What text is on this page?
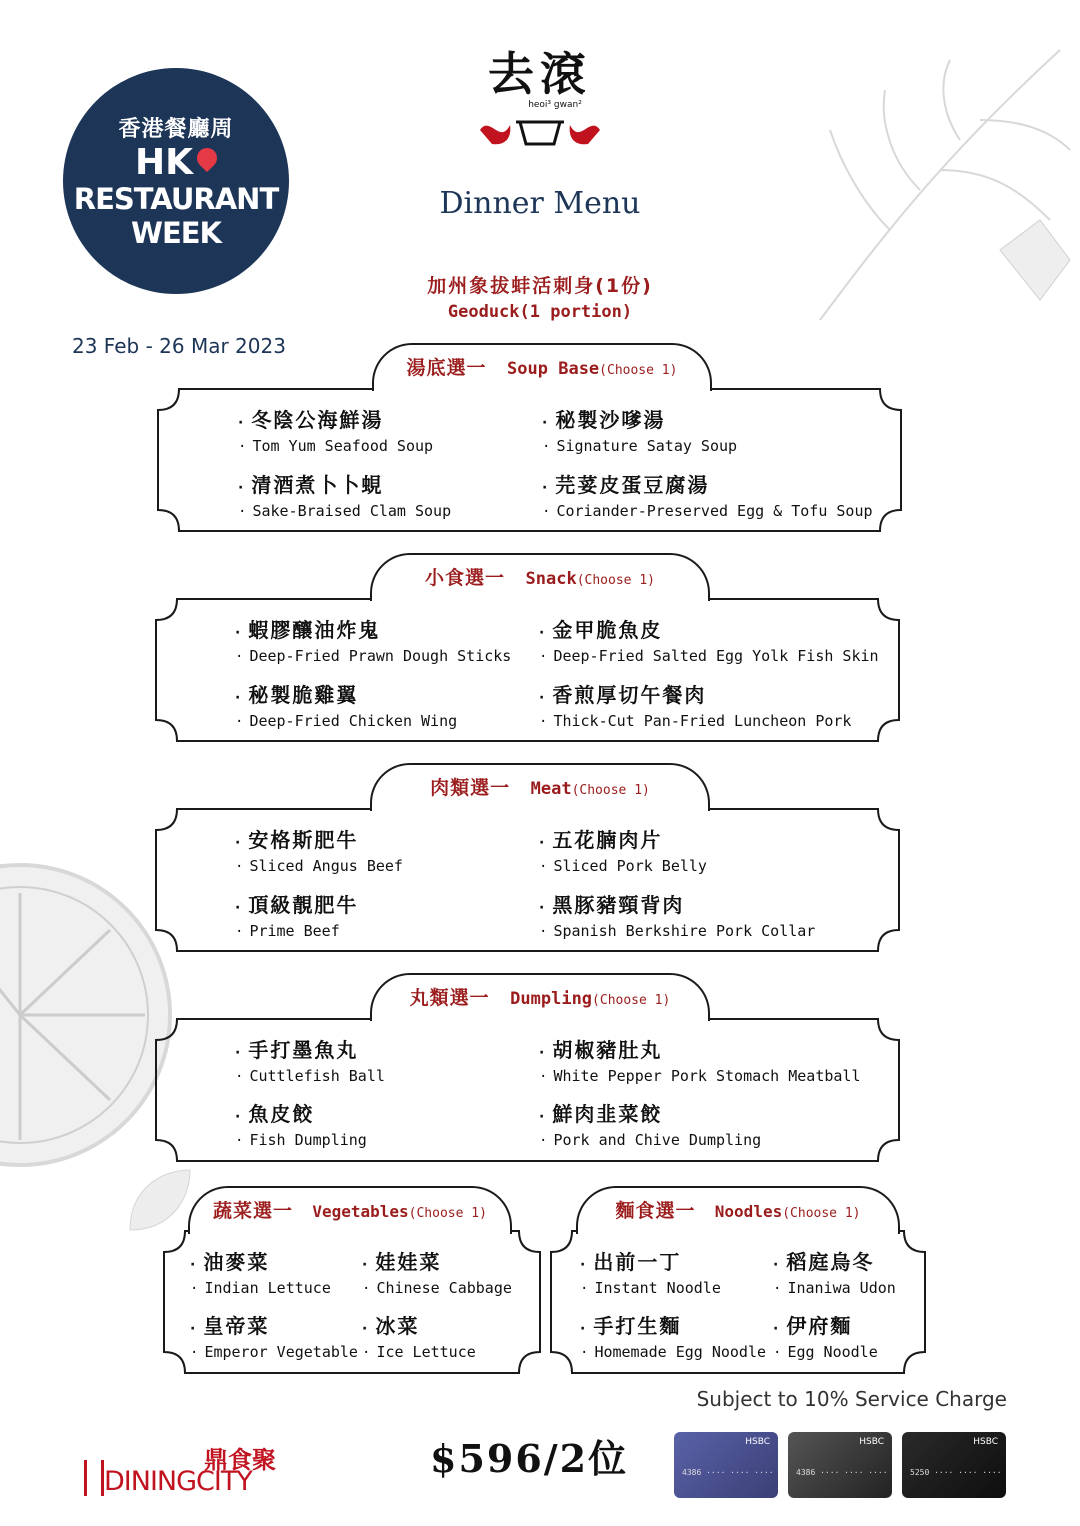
香港餐廳周
HK
RESTAURANT
WEEK
23 Feb - 26 Mar 2023
去滾
heoi³ gwan²
Dinner Menu
加州象拔蚌活刺身(1份)
Geoduck(1 portion)
湯底選一 Soup Base(Choose 1)
· 冬陰公海鮮湯
· Tom Yum Seafood Soup
· 秘製沙嗲湯
· Signature Satay Soup
· 清酒煮卜卜蜆
· Sake-Braised Clam Soup
· 芫荽皮蛋豆腐湯
· Coriander-Preserved Egg & Tofu Soup
小食選一 Snack(Choose 1)
· 蝦膠釀油炸鬼
· Deep-Fried Prawn Dough Sticks
· 金甲脆魚皮
· Deep-Fried Salted Egg Yolk Fish Skin
· 秘製脆雞翼
· Deep-Fried Chicken Wing
· 香煎厚切午餐肉
· Thick-Cut Pan-Fried Luncheon Pork
肉類選一 Meat(Choose 1)
· 安格斯肥牛
· Sliced Angus Beef
· 五花腩肉片
· Sliced Pork Belly
· 頂級靚肥牛
· Prime Beef
· 黑豚豬頸背肉
· Spanish Berkshire Pork Collar
丸類選一 Dumpling(Choose 1)
· 手打墨魚丸
· Cuttlefish Ball
· 胡椒豬肚丸
· White Pepper Pork Stomach Meatball
· 魚皮餃
· Fish Dumpling
· 鮮肉韭菜餃
· Pork and Chive Dumpling
蔬菜選一 Vegetables(Choose 1)
· 油麥菜
· Indian Lettuce
· 娃娃菜
· Chinese Cabbage
· 皇帝菜
· Emperor Vegetable
· 冰菜
· Ice Lettuce
麵食選一 Noodles(Choose 1)
· 出前一丁
· Instant Noodle
· 稻庭烏冬
· Inaniwa Udon
· 手打生麵
· Homemade Egg Noodle
· 伊府麵
· Egg Noodle
Subject to 10% Service Charge
$596/2位
鼎食聚
DININGCITY
HSBC
4386 ···· ···· ····
HSBC
4386 ···· ···· ····
HSBC
5250 ···· ···· ····
